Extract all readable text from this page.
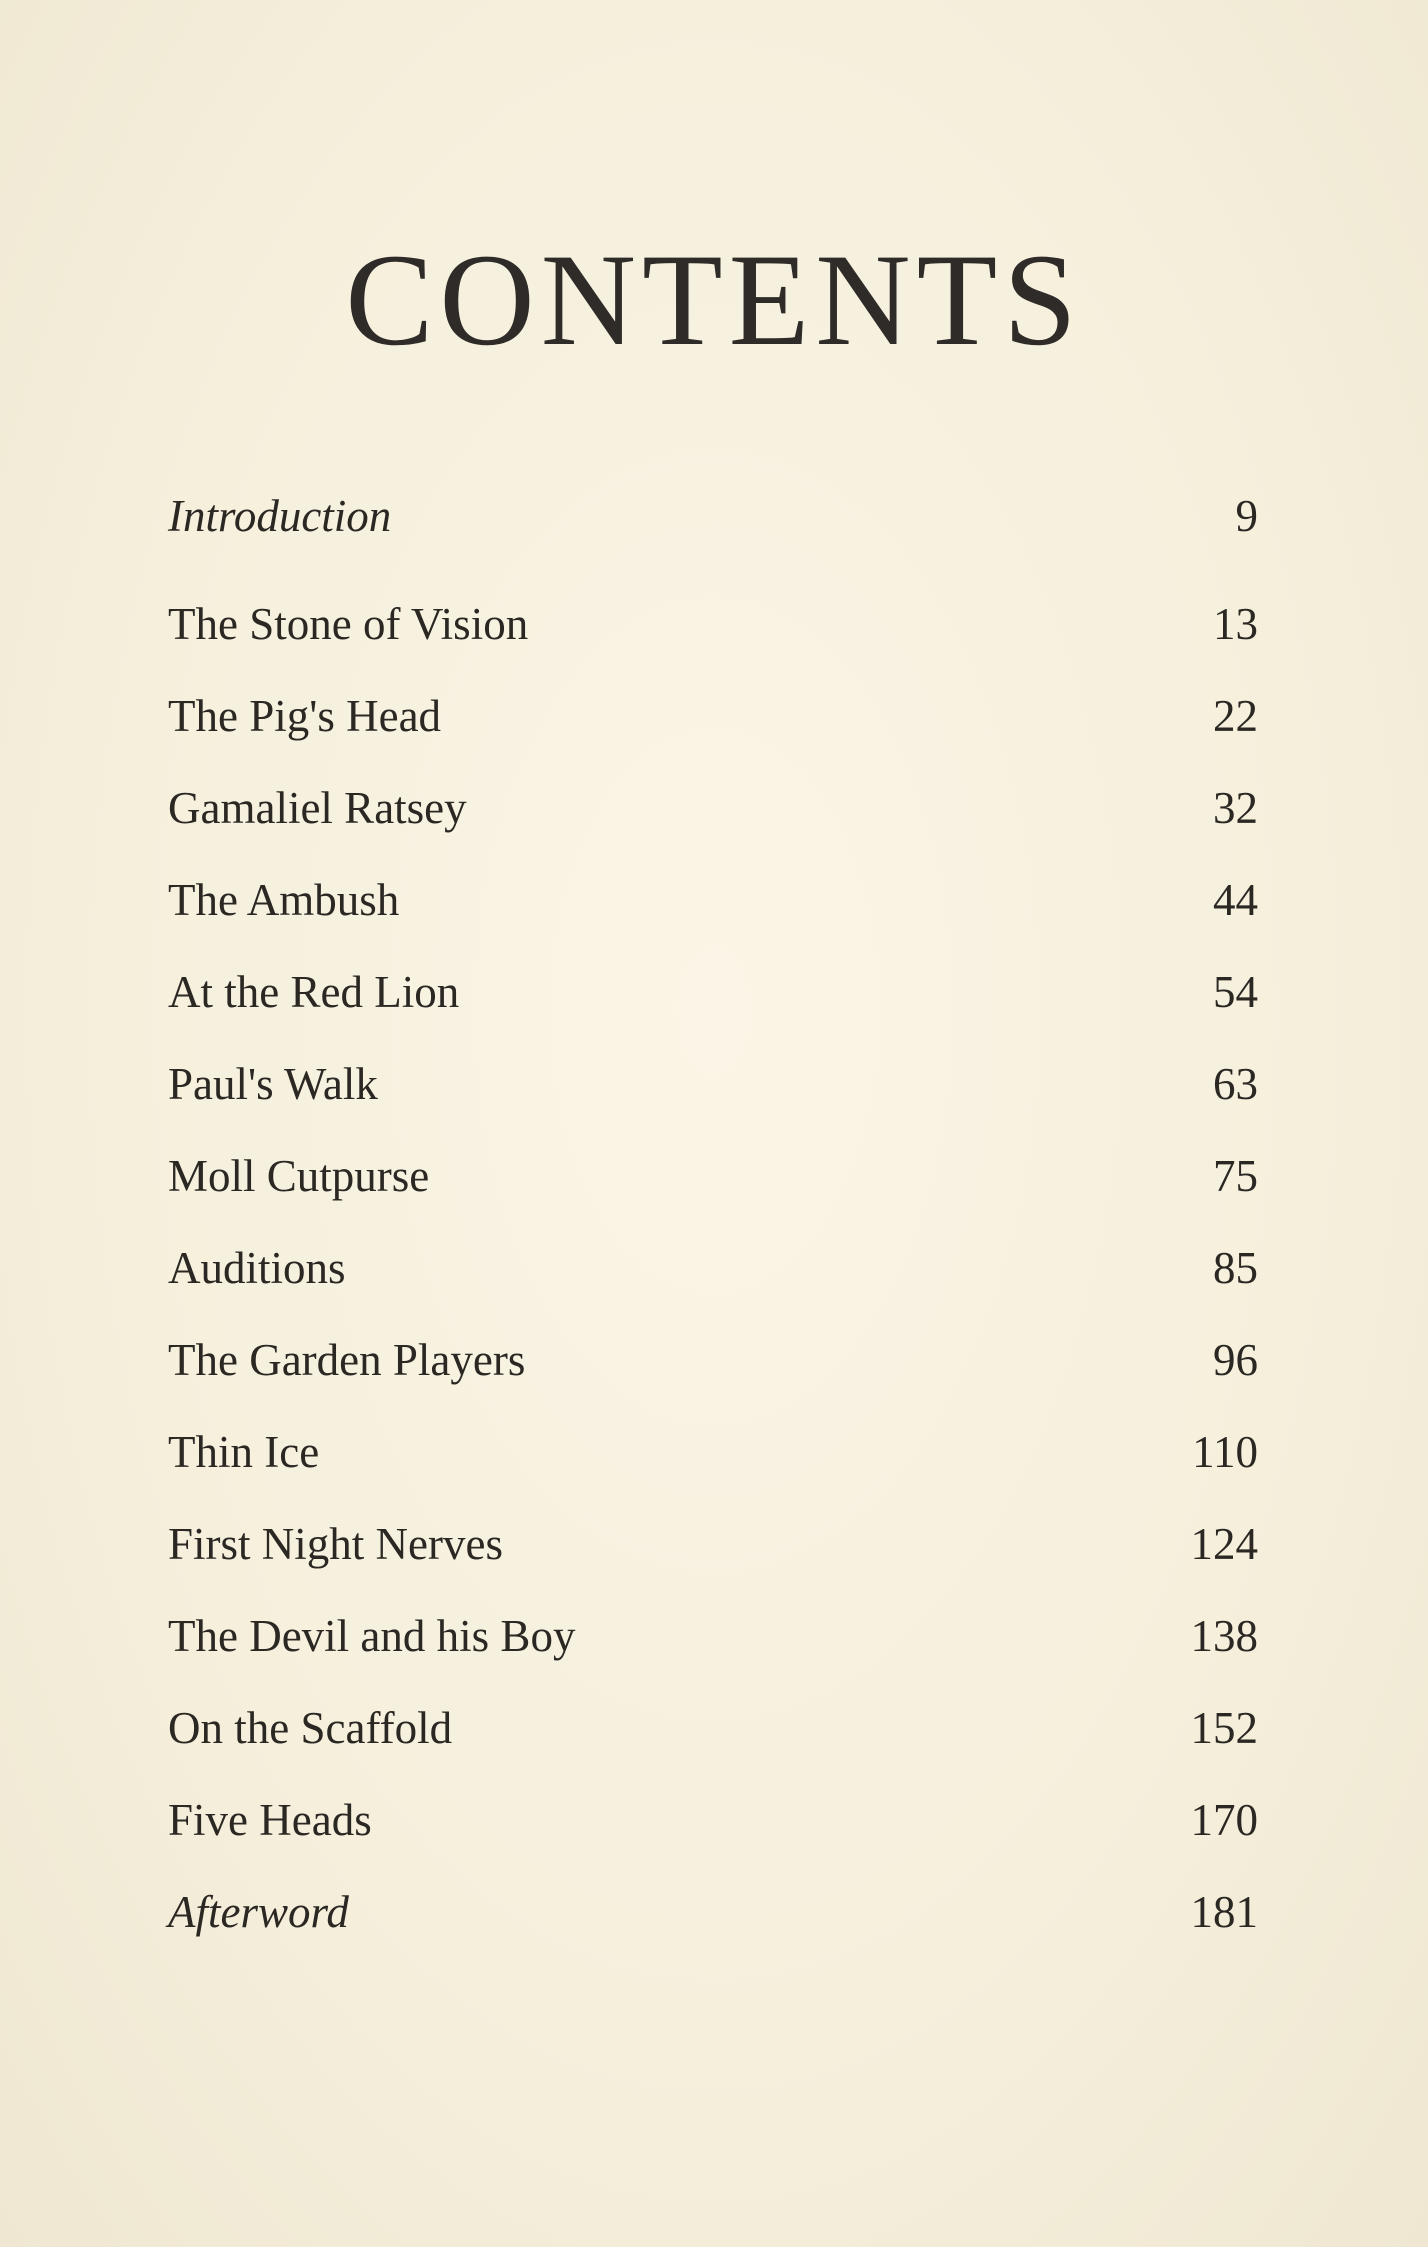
CONTENTS
Introduction	9
The Stone of Vision	13
The Pig's Head	22
Gamaliel Ratsey	32
The Ambush	44
At the Red Lion	54
Paul's Walk	63
Moll Cutpurse	75
Auditions	85
The Garden Players	96
Thin Ice	110
First Night Nerves	124
The Devil and his Boy	138
On the Scaffold	152
Five Heads	170
Afterword	181
